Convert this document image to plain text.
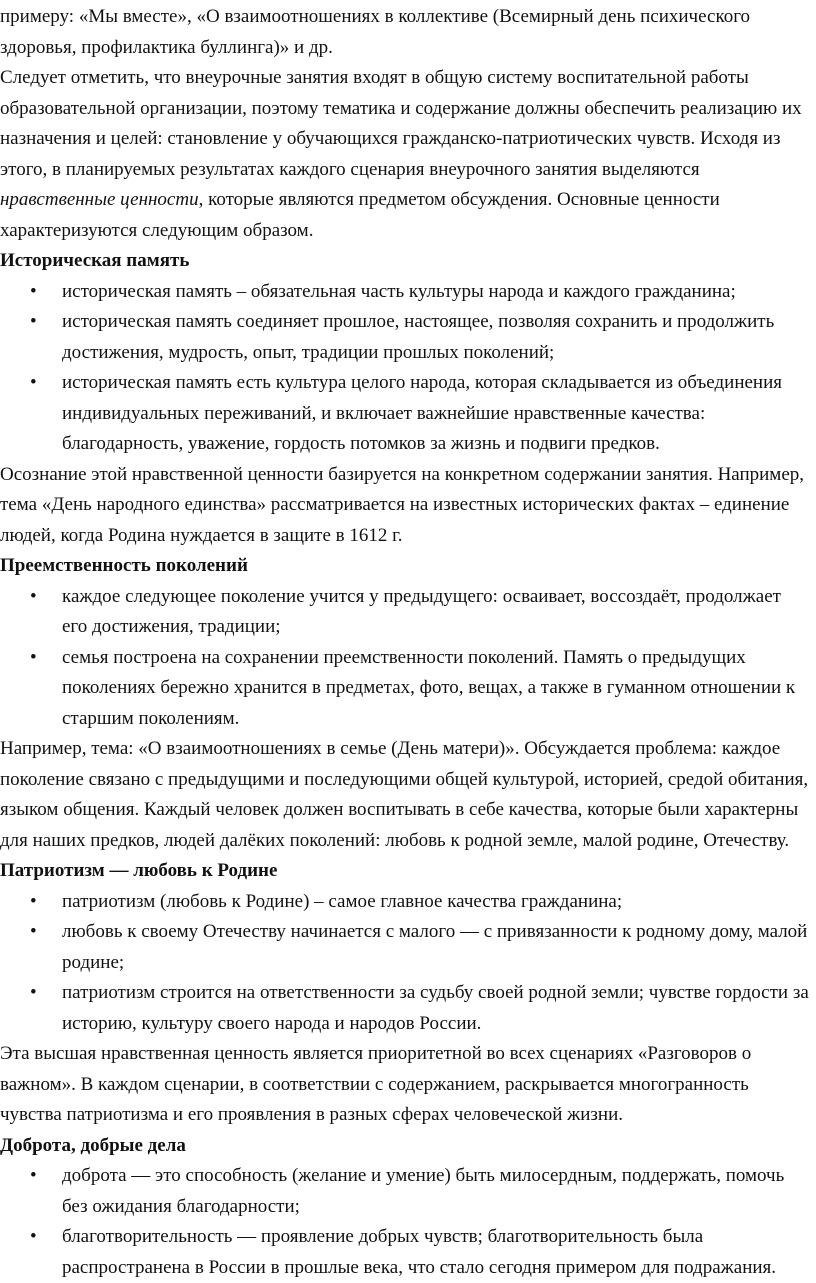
примеру: «Мы вместе», «О взаимоотношениях в коллективе (Всемирный день психического здоровья, профилактика буллинга)» и др.

Следует отметить, что внеурочные занятия входят в общую систему воспитательной работы образовательной организации, поэтому тематика и содержание должны обеспечить реализацию их назначения и целей: становление у обучающихся гражданско-патриотических чувств. Исходя из этого, в планируемых результатах каждого сценария внеурочного занятия выделяются нравственные ценности, которые являются предметом обсуждения. Основные ценности характеризуются следующим образом.

Историческая память

• историческая память – обязательная часть культуры народа и каждого гражданина;
• историческая память соединяет прошлое, настоящее, позволяя сохранить и продолжить достижения, мудрость, опыт, традиции прошлых поколений;
• историческая память есть культура целого народа, которая складывается из объединения индивидуальных переживаний, и включает важнейшие нравственные качества: благодарность, уважение, гордость потомков за жизнь и подвиги предков.

Осознание этой нравственной ценности базируется на конкретном содержании занятия. Например, тема «День народного единства» рассматривается на известных исторических фактах – единение людей, когда Родина нуждается в защите в 1612 г.

Преемственность поколений

• каждое следующее поколение учится у предыдущего: осваивает, воссоздаёт, продолжает его достижения, традиции;
• семья построена на сохранении преемственности поколений. Память о предыдущих поколениях бережно хранится в предметах, фото, вещах, а также в гуманном отношении к старшим поколениям.

Например, тема: «О взаимоотношениях в семье (День матери)». Обсуждается проблема: каждое поколение связано с предыдущими и последующими общей культурой, историей, средой обитания, языком общения. Каждый человек должен воспитывать в себе качества, которые были характерны для наших предков, людей далёких поколений: любовь к родной земле, малой родине, Отечеству.

Патриотизм — любовь к Родине

• патриотизм (любовь к Родине) – самое главное качества гражданина;
• любовь к своему Отечеству начинается с малого — с привязанности к родному дому, малой родине;
• патриотизм строится на ответственности за судьбу своей родной земли; чувстве гордости за историю, культуру своего народа и народов России.

Эта высшая нравственная ценность является приоритетной во всех сценариях «Разговоров о важном». В каждом сценарии, в соответствии с содержанием, раскрывается многогранность чувства патриотизма и его проявления в разных сферах человеческой жизни.

Доброта, добрые дела

• доброта — это способность (желание и умение) быть милосердным, поддержать, помочь без ожидания благодарности;
• благотворительность — проявление добрых чувств; благотворительность была распространена в России в прошлые века, что стало сегодня примером для подражания.
